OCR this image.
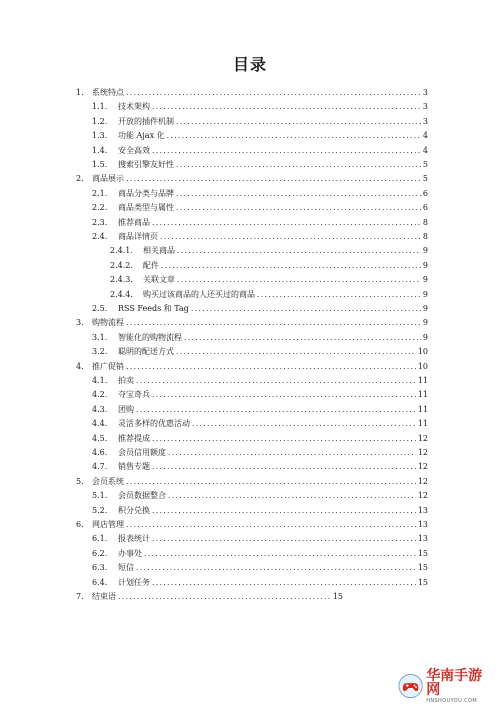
目录
1.	系统特点 .....	3
1.1.	技术架构 .....	3
1.2.	开放的插件机制 .....	3
1.3.	功能 Ajax 化 .....	4
1.4.	安全高效 .....	4
1.5.	搜索引擎友好性 .....	5
2.	商品展示 .....	5
2.1.	商品分类与品牌 .....	6
2.2.	商品类型与属性 .....	6
2.3.	推荐商品 .....	8
2.4.	商品详情页 .....	8
2.4.1.	相关商品 .....	9
2.4.2.	配件 .....	9
2.4.3.	关联文章 .....	9
2.4.4.	购买过该商品的人还买过的商品 .....	9
2.5.	RSS Feeds 和 Tag .....	9
3.	购物流程 .....	9
3.1.	智能化的购物流程 .....	9
3.2.	聪明的配送方式 .....	10
4.	推广促销 .....	10
4.1.	拍卖 .....	11
4.2.	夺宝奇兵 .....	11
4.3.	团购 .....	11
4.4.	灵活多样的优惠活动 .....	11
4.5.	推荐提成 .....	12
4.6.	会员信用额度 .....	12
4.7.	销售专题 .....	12
5.	会员系统 .....	12
5.1.	会员数据整合 .....	12
5.2.	积分兑换 .....	13
6.	网店管理 .....	13
6.1.	报表统计 .....	13
6.2.	办事处 .....	15
6.3.	短信 .....	15
6.4.	计划任务 .....	15
7.	结束语 .....	15
华南手游网
HNSHOUYOU.COM
